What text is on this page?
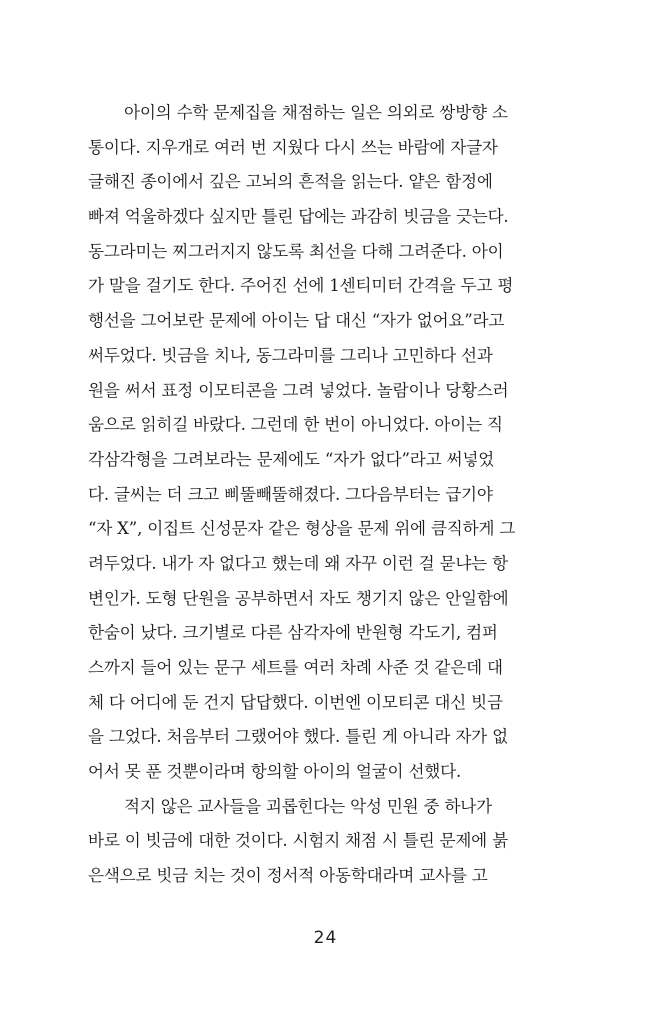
아이의 수학 문제집을 채점하는 일은 의외로 쌍방향 소
통이다. 지우개로 여러 번 지웠다 다시 쓰는 바람에 자글자
글해진 종이에서 깊은 고뇌의 흔적을 읽는다. 얕은 함정에
빠져 억울하겠다 싶지만 틀린 답에는 과감히 빗금을 긋는다.
동그라미는 찌그러지지 않도록 최선을 다해 그려준다. 아이
가 말을 걸기도 한다. 주어진 선에 1센티미터 간격을 두고 평
행선을 그어보란 문제에 아이는 답 대신 “자가 없어요”라고
써두었다. 빗금을 치나, 동그라미를 그리나 고민하다 선과
원을 써서 표정 이모티콘을 그려 넣었다. 놀람이나 당황스러
움으로 읽히길 바랐다. 그런데 한 번이 아니었다. 아이는 직
각삼각형을 그려보라는 문제에도 “자가 없다”라고 써넣었
다. 글씨는 더 크고 삐뚤빼뚤해졌다. 그다음부터는 급기야
“자 X”, 이집트 신성문자 같은 형상을 문제 위에 큼직하게 그
려두었다. 내가 자 없다고 했는데 왜 자꾸 이런 걸 묻냐는 항
변인가. 도형 단원을 공부하면서 자도 챙기지 않은 안일함에
한숨이 났다. 크기별로 다른 삼각자에 반원형 각도기, 컴퍼
스까지 들어 있는 문구 세트를 여러 차례 사준 것 같은데 대
체 다 어디에 둔 건지 답답했다. 이번엔 이모티콘 대신 빗금
을 그었다. 처음부터 그랬어야 했다. 틀린 게 아니라 자가 없
어서 못 푼 것뿐이라며 항의할 아이의 얼굴이 선했다.
적지 않은 교사들을 괴롭힌다는 악성 민원 중 하나가
바로 이 빗금에 대한 것이다. 시험지 채점 시 틀린 문제에 붉
은색으로 빗금 치는 것이 정서적 아동학대라며 교사를 고
24
